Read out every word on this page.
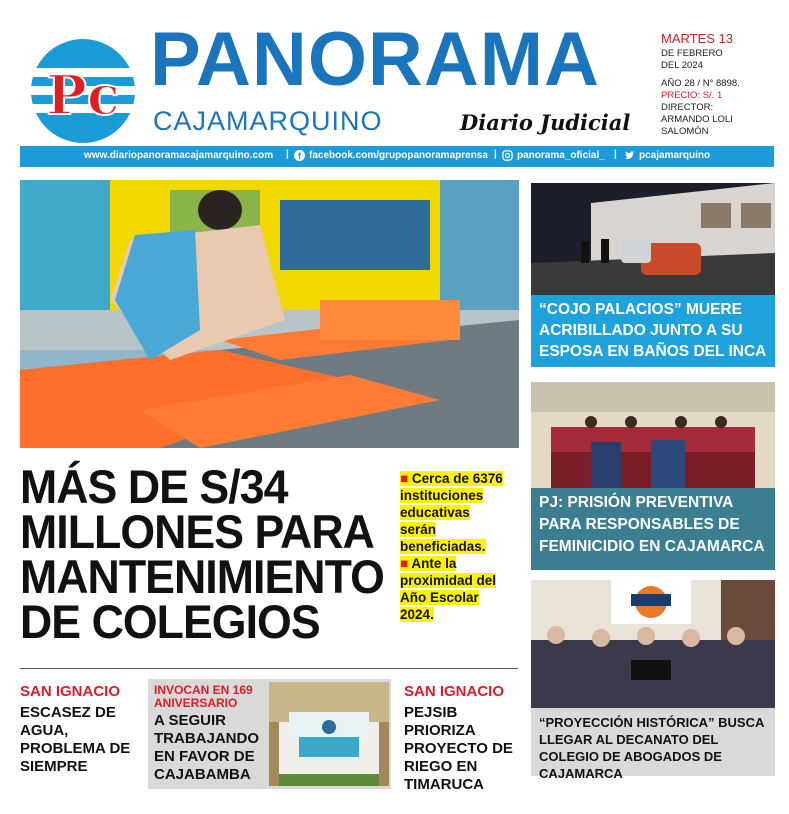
Pc PANORAMA
CAJAMARQUINO	Diario Judicial
MARTES 13
DE FEBRERO
DEL 2024
AÑO 28 / N° 8898.
PRECIO: S/. 1
DIRECTOR:
ARMANDO LOLI
SALOMÓN
www.diariopanoramacajamarquino.com | f facebook.com/grupopanoramaprensa | panorama_oficial_ | pcajamarquino
MÁS DE S/34 MILLONES PARA MANTENIMIENTO DE COLEGIOS
■ Cerca de 6376 instituciones educativas serán beneficiadas.
■ Ante la proximidad del Año Escolar 2024.
SAN IGNACIO
ESCASEZ DE AGUA, PROBLEMA DE SIEMPRE
INVOCAN EN 169 ANIVERSARIO
A SEGUIR TRABAJANDO EN FAVOR DE CAJABAMBA
SAN IGNACIO
PEJSIB PRIORIZA PROYECTO DE RIEGO EN TIMARUCA
“COJO PALACIOS” MUERE ACRIBILLADO JUNTO A SU ESPOSA EN BAÑOS DEL INCA
PJ: PRISIÓN PREVENTIVA PARA RESPONSABLES DE FEMINICIDIO EN CAJAMARCA
“PROYECCIÓN HISTÓRICA” BUSCA LLEGAR AL DECANATO DEL COLEGIO DE ABOGADOS DE CAJAMARCA
